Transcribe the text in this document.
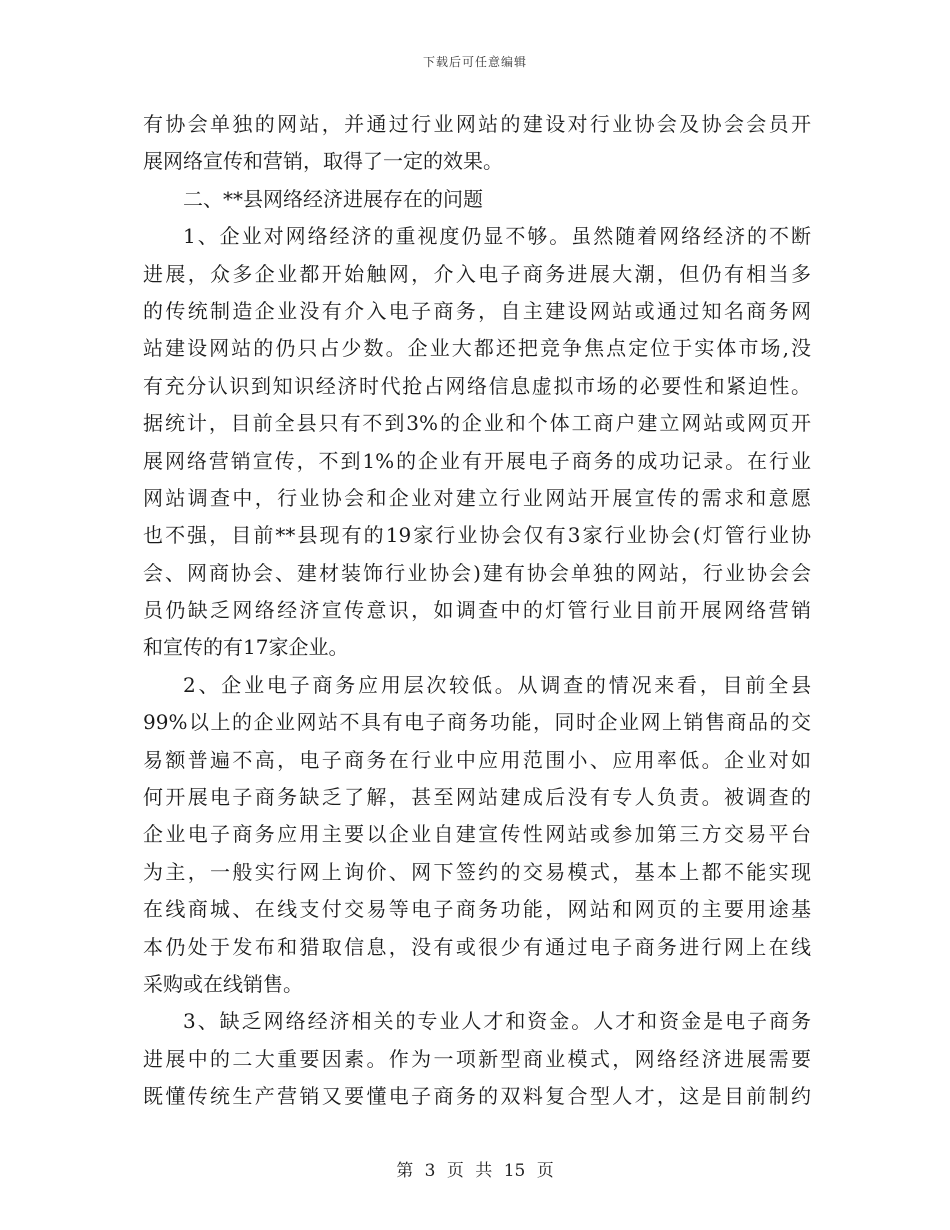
下载后可任意编辑
有协会单独的网站，并通过行业网站的建设对行业协会及协会会员开
展网络宣传和营销，取得了一定的效果。
二、**县网络经济进展存在的问题
1、企业对网络经济的重视度仍显不够。虽然随着网络经济的不断
进展，众多企业都开始触网，介入电子商务进展大潮，但仍有相当多
的传统制造企业没有介入电子商务，自主建设网站或通过知名商务网
站建设网站的仍只占少数。企业大都还把竞争焦点定位于实体市场,没
有充分认识到知识经济时代抢占网络信息虚拟市场的必要性和紧迫性。
据统计，目前全县只有不到3%的企业和个体工商户建立网站或网页开
展网络营销宣传，不到1%的企业有开展电子商务的成功记录。在行业
网站调查中，行业协会和企业对建立行业网站开展宣传的需求和意愿
也不强，目前**县现有的19家行业协会仅有3家行业协会(灯管行业协
会、网商协会、建材装饰行业协会)建有协会单独的网站，行业协会会
员仍缺乏网络经济宣传意识，如调查中的灯管行业目前开展网络营销
和宣传的有17家企业。
2、企业电子商务应用层次较低。从调查的情况来看，目前全县
99%以上的企业网站不具有电子商务功能，同时企业网上销售商品的交
易额普遍不高，电子商务在行业中应用范围小、应用率低。企业对如
何开展电子商务缺乏了解，甚至网站建成后没有专人负责。被调查的
企业电子商务应用主要以企业自建宣传性网站或参加第三方交易平台
为主，一般实行网上询价、网下签约的交易模式，基本上都不能实现
在线商城、在线支付交易等电子商务功能，网站和网页的主要用途基
本仍处于发布和猎取信息，没有或很少有通过电子商务进行网上在线
采购或在线销售。
3、缺乏网络经济相关的专业人才和资金。人才和资金是电子商务
进展中的二大重要因素。作为一项新型商业模式，网络经济进展需要
既懂传统生产营销又要懂电子商务的双料复合型人才，这是目前制约
第 3 页 共 15 页
